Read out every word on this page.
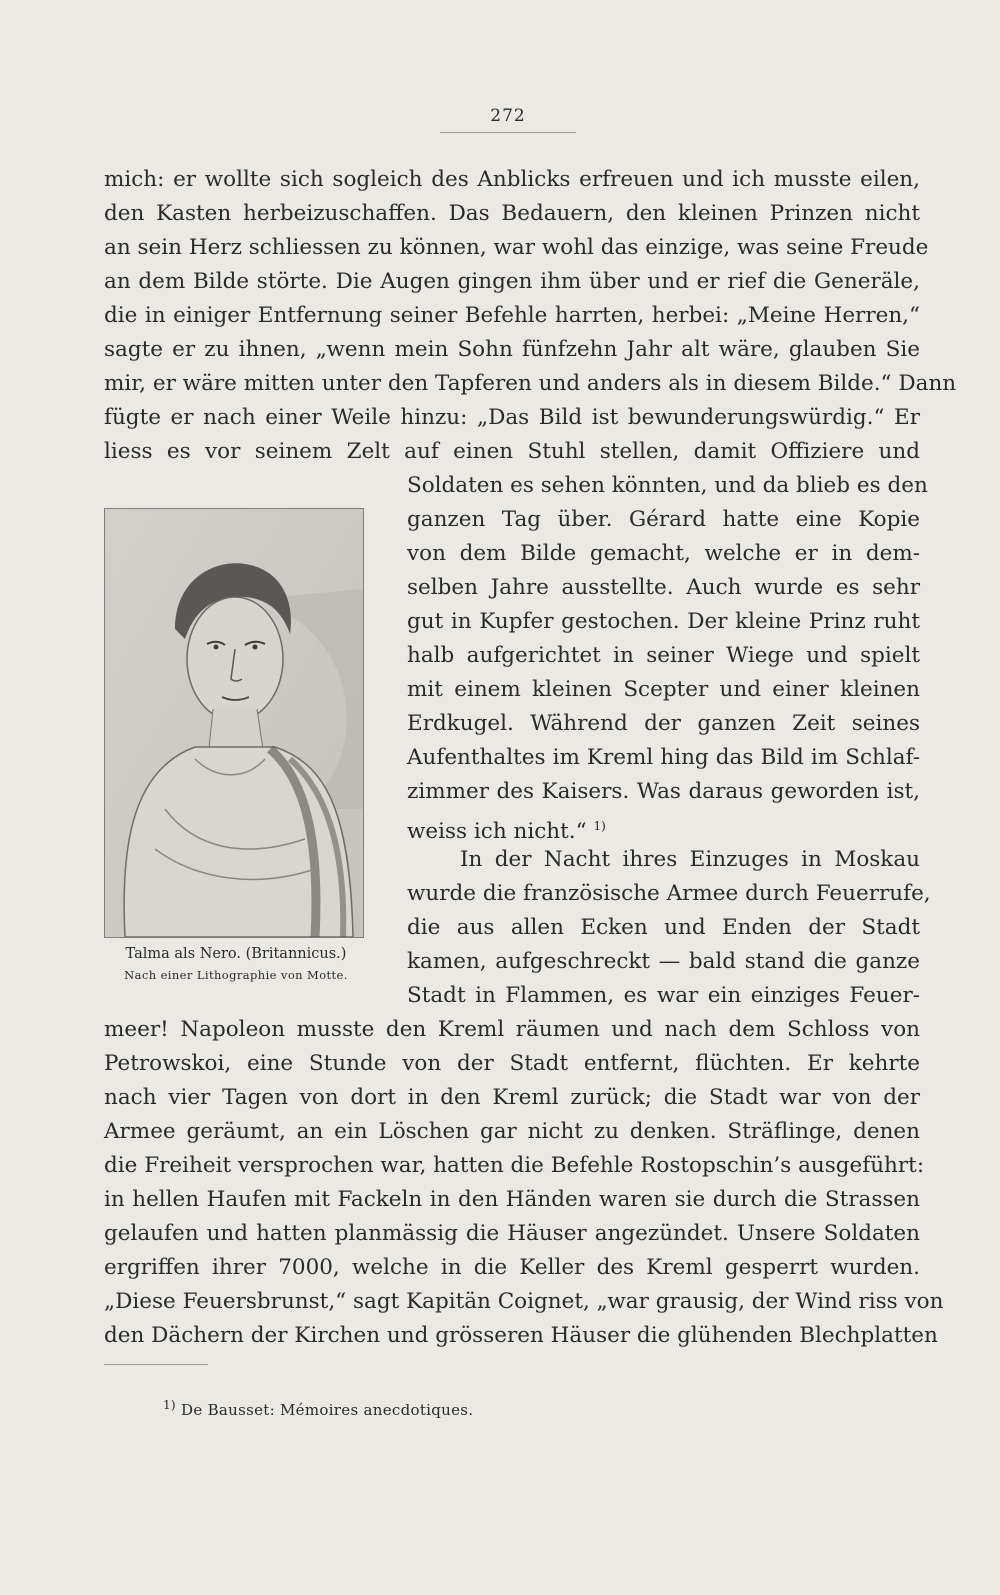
272
mich: er wollte sich sogleich des Anblicks erfreuen und ich musste eilen,
den Kasten herbeizuschaffen. Das Bedauern, den kleinen Prinzen nicht
an sein Herz schliessen zu können, war wohl das einzige, was seine Freude
an dem Bilde störte. Die Augen gingen ihm über und er rief die Generäle,
die in einiger Entfernung seiner Befehle harrten, herbei: „Meine Herren,“
sagte er zu ihnen, „wenn mein Sohn fünfzehn Jahr alt wäre, glauben Sie
mir, er wäre mitten unter den Tapferen und anders als in diesem Bilde.“ Dann
fügte er nach einer Weile hinzu: „Das Bild ist bewunderungswürdig.“ Er
liess es vor seinem Zelt auf einen Stuhl stellen, damit Offiziere und
Soldaten es sehen könnten, und da blieb es den
ganzen Tag über. Gérard hatte eine Kopie
von dem Bilde gemacht, welche er in dem-
selben Jahre ausstellte. Auch wurde es sehr
gut in Kupfer gestochen. Der kleine Prinz ruht
halb aufgerichtet in seiner Wiege und spielt
mit einem kleinen Scepter und einer kleinen
Erdkugel. Während der ganzen Zeit seines
Aufenthaltes im Kreml hing das Bild im Schlaf-
zimmer des Kaisers. Was daraus geworden ist,
weiss ich nicht.“ $^{1)}$
In der Nacht ihres Einzuges in Moskau
wurde die französische Armee durch Feuerrufe,
die aus allen Ecken und Enden der Stadt
kamen, aufgeschreckt — bald stand die ganze
Stadt in Flammen, es war ein einziges Feuer-
meer! Napoleon musste den Kreml räumen und nach dem Schloss von
Petrowskoi, eine Stunde von der Stadt entfernt, flüchten. Er kehrte
nach vier Tagen von dort in den Kreml zurück; die Stadt war von der
Armee geräumt, an ein Löschen gar nicht zu denken. Sträflinge, denen
die Freiheit versprochen war, hatten die Befehle Rostopschin’s ausgeführt:
in hellen Haufen mit Fackeln in den Händen waren sie durch die Strassen
gelaufen und hatten planmässig die Häuser angezündet. Unsere Soldaten
ergriffen ihrer 7000, welche in die Keller des Kreml gesperrt wurden.
„Diese Feuersbrunst,“ sagt Kapitän Coignet, „war grausig, der Wind riss von
den Dächern der Kirchen und grösseren Häuser die glühenden Blechplatten
Talma als Nero. (Britannicus.)
Nach einer Lithographie von Motte.
$^{1)}$ De Bausset: Mémoires anecdotiques.
